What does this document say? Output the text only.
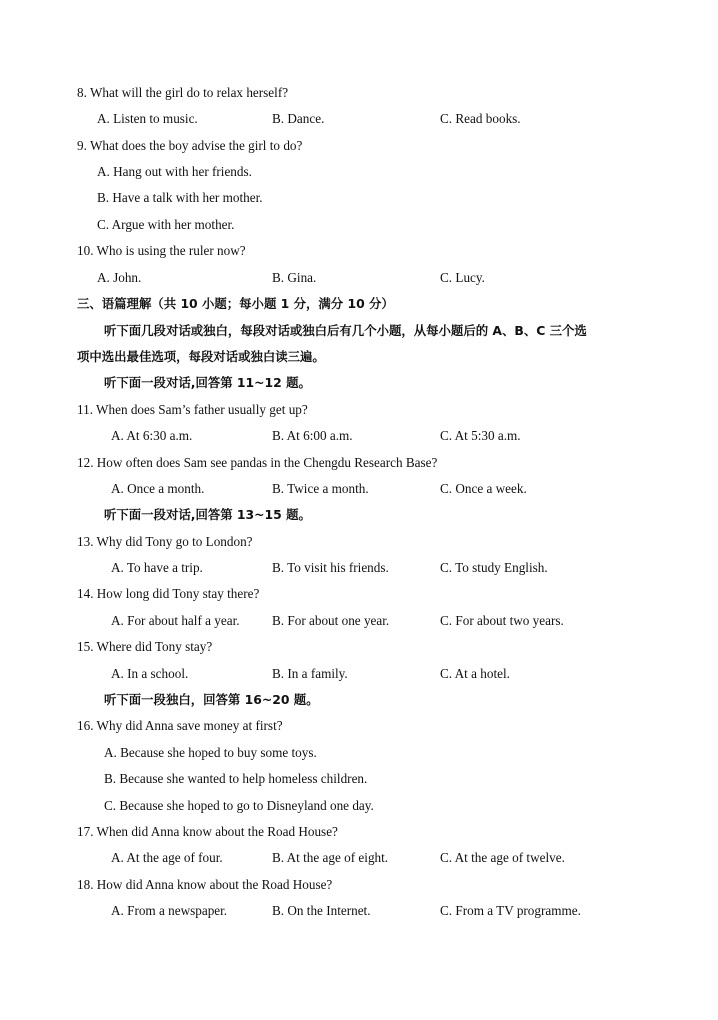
8. What will the girl do to relax herself?
A. Listen to music.	B. Dance.	C. Read books.
9. What does the boy advise the girl to do?
A. Hang out with her friends.
B. Have a talk with her mother.
C. Argue with her mother.
10. Who is using the ruler now?
A. John.	B. Gina.	C. Lucy.
三、语篇理解（共 10 小题；每小题 1 分，满分 10 分）
听下面几段对话或独白，每段对话或独白后有几个小题，从每小题后的 A、B、C 三个选
项中选出最佳选项，每段对话或独白读三遍。
听下面一段对话,回答第 11~12 题。
11. When does Sam’s father usually get up?
A. At 6:30 a.m.	B. At 6:00 a.m.	C. At 5:30 a.m.
12. How often does Sam see pandas in the Chengdu Research Base?
A. Once a month.	B. Twice a month.	C. Once a week.
听下面一段对话,回答第 13~15 题。
13. Why did Tony go to London?
A. To have a trip.	B. To visit his friends.	C. To study English.
14. How long did Tony stay there?
A. For about half a year. B. For about one year.	C. For about two years.
15. Where did Tony stay?
A. In a school.	B. In a family.	C. At a hotel.
听下面一段独白，回答第 16~20 题。
16. Why did Anna save money at first?
A. Because she hoped to buy some toys.
B. Because she wanted to help homeless children.
C. Because she hoped to go to Disneyland one day.
17. When did Anna know about the Road House?
A. At the age of four.	B. At the age of eight.	C. At the age of twelve.
18. How did Anna know about the Road House?
A. From a newspaper.	B. On the Internet.	C. From a TV programme.
